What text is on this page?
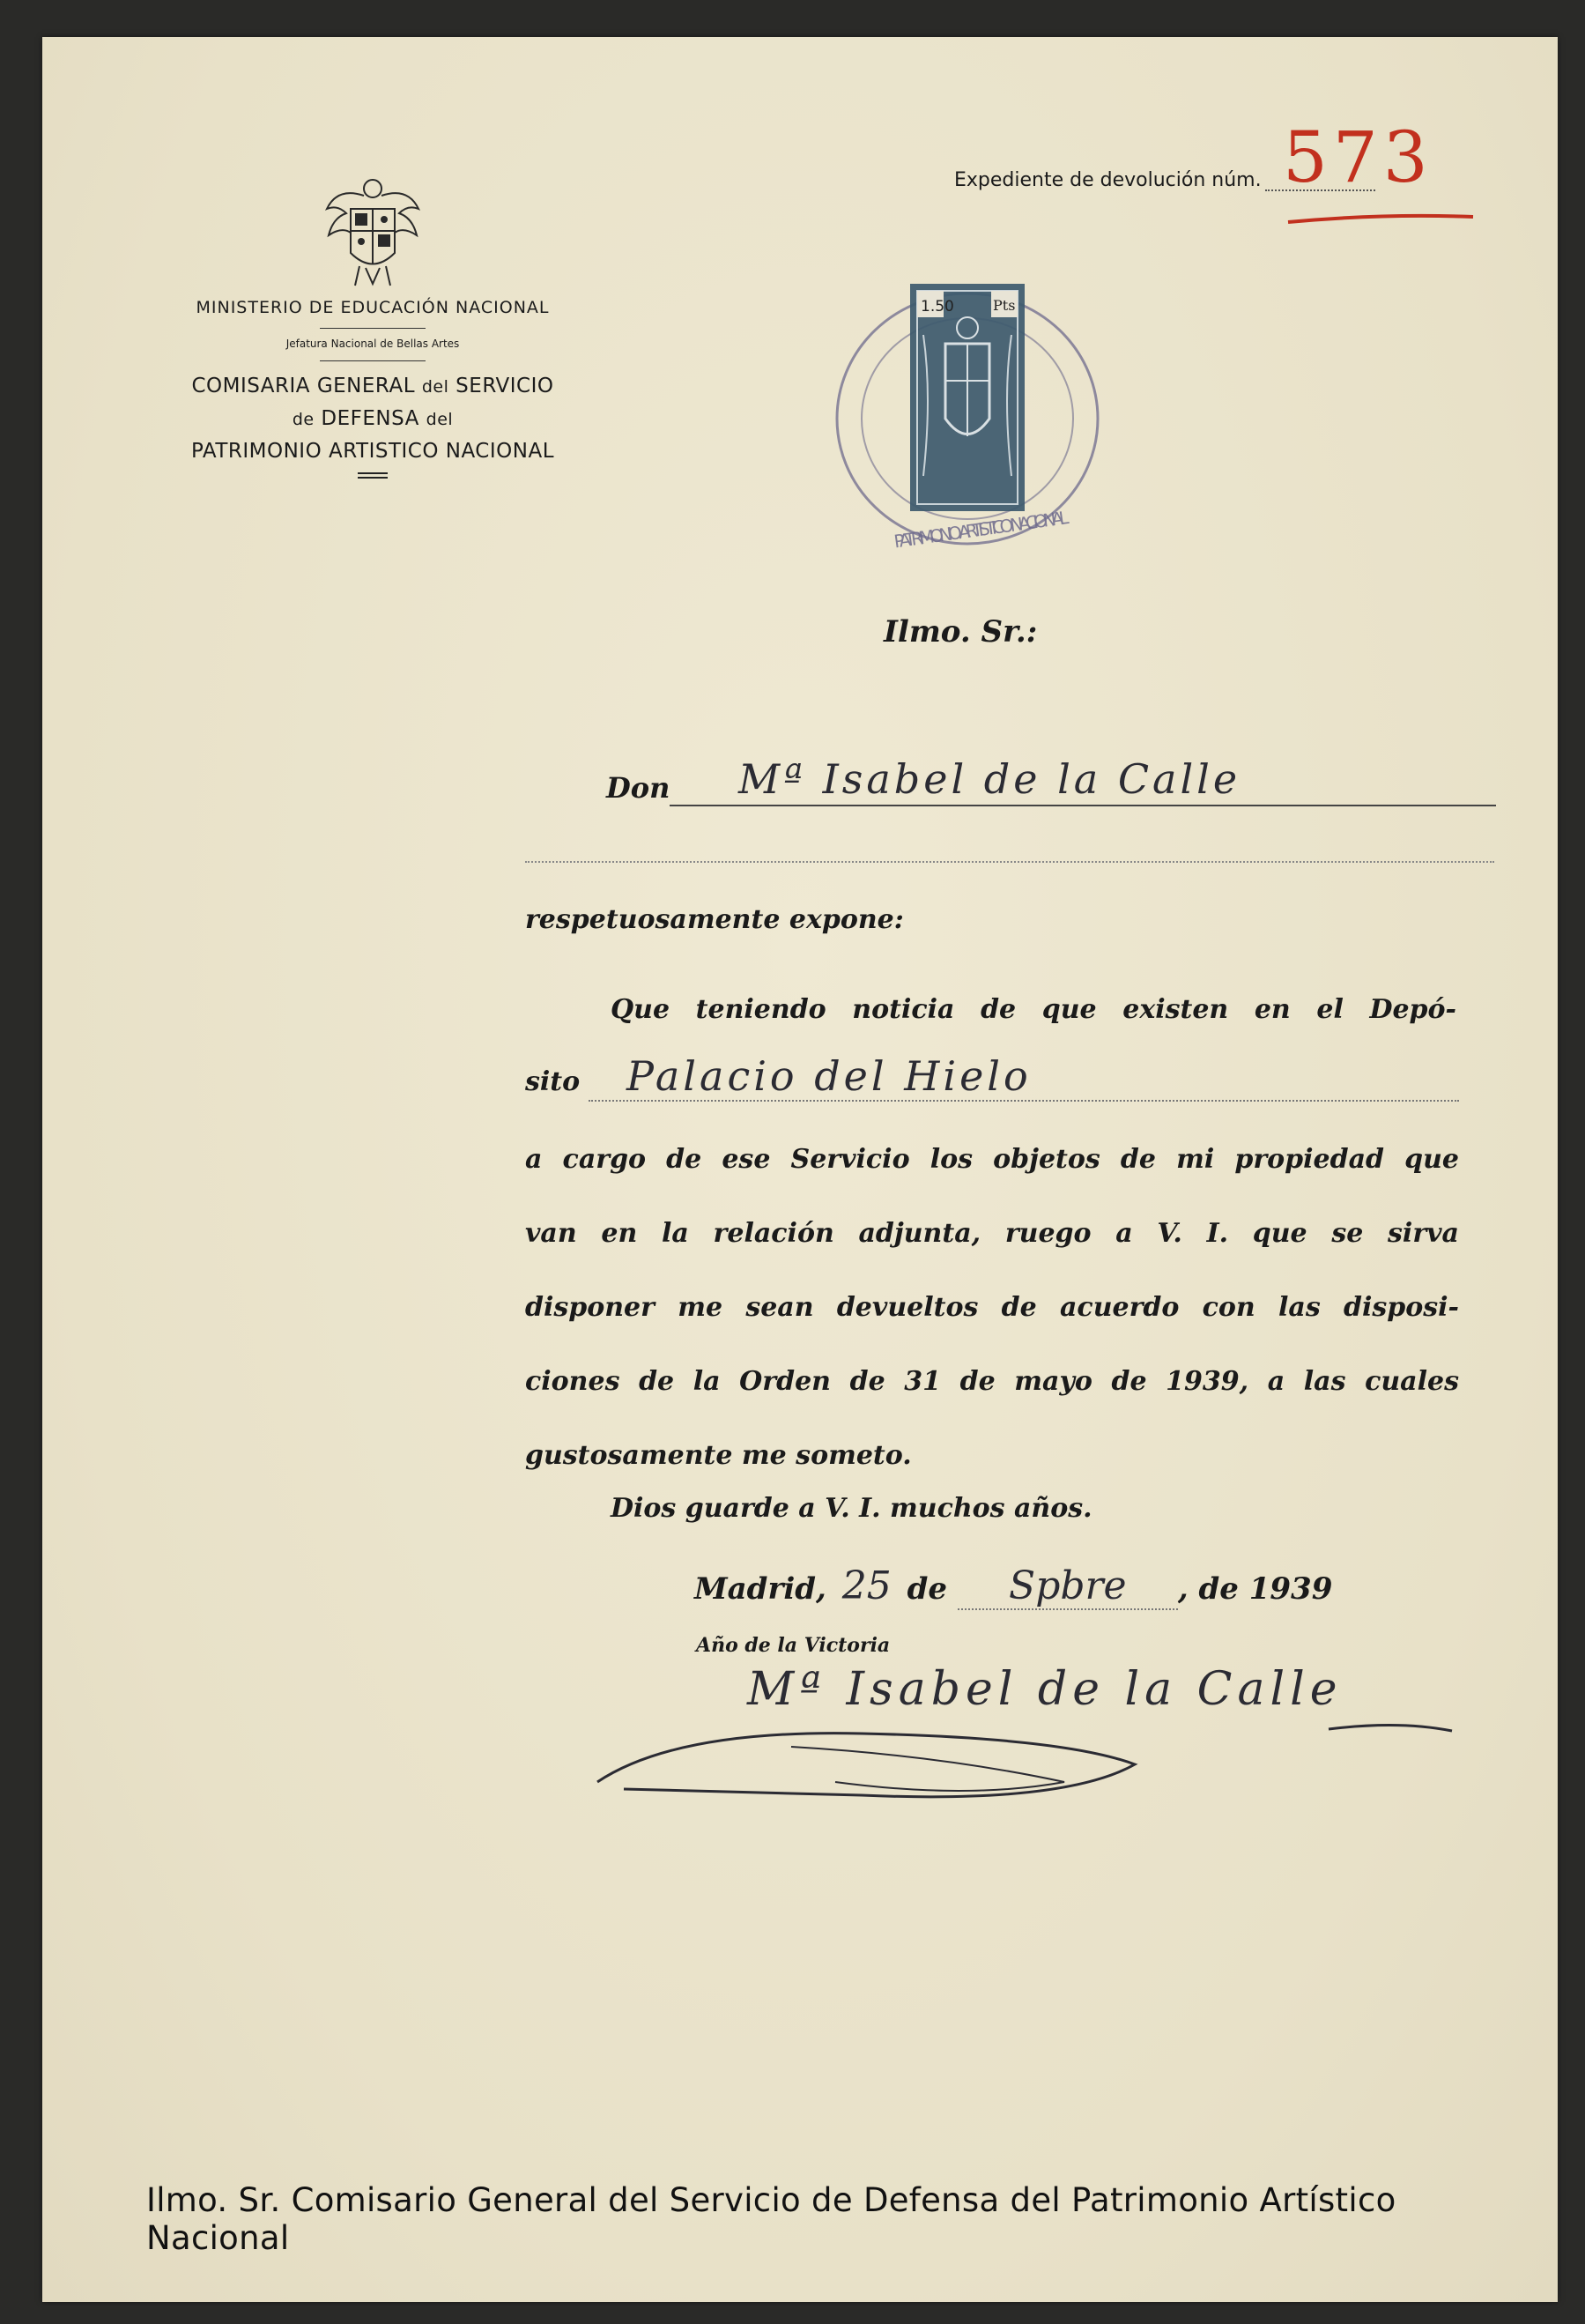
MINISTERIO DE EDUCACIÓN NACIONAL
Jefatura Nacional de Bellas Artes
COMISARIA GENERAL del SERVICIO
de DEFENSA del
PATRIMONIO ARTISTICO NACIONAL
Expediente de devolución núm. 573
1.50	Pts
PATRIMONIO ARTISTICO NACIONAL
Ilmo. Sr.:
Don Mª Isabel de la Calle
respetuosamente expone:
Que teniendo noticia de que existen en el Depó-
sito Palacio del Hielo
a cargo de ese Servicio los objetos de mi propiedad que
van en la relación adjunta, ruego a V. I. que se sirva
disponer me sean devueltos de acuerdo con las disposi-
ciones de la Orden de 31 de mayo de 1939, a las cuales
gustosamente me someto.
Dios guarde a V. I. muchos años.
Madrid, 25 de Spbre , de 1939
Año de la Victoria
Mª Isabel de la Calle
Ilmo. Sr. Comisario General del Servicio de Defensa del Patrimonio Artístico Nacional
